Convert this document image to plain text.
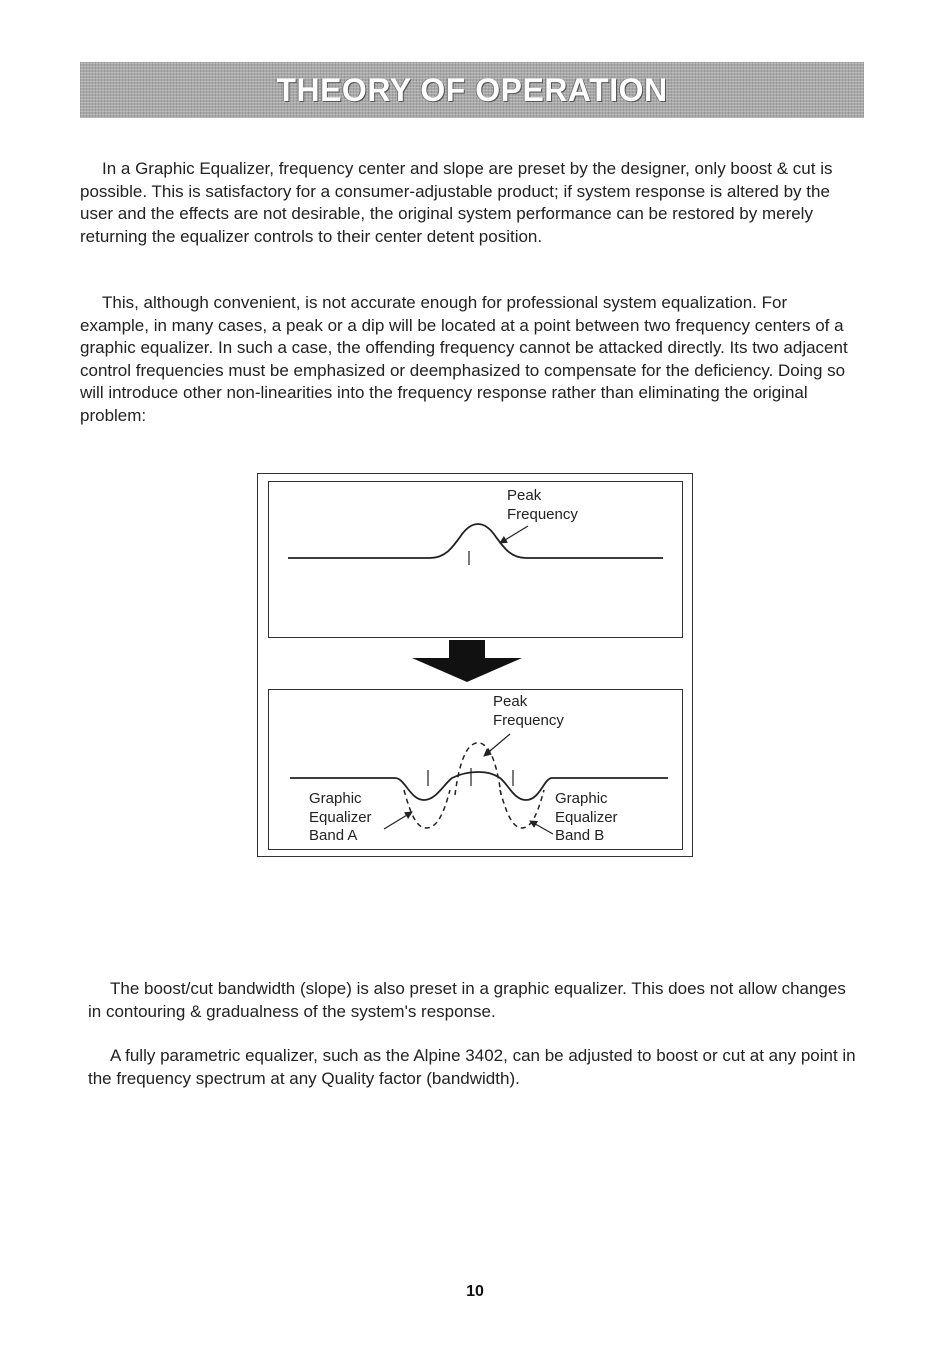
THEORY OF OPERATION

In a Graphic Equalizer, frequency center and slope are preset by the designer, only boost & cut is possible. This is satisfactory for a consumer-adjustable product; if system response is altered by the user and the effects are not desirable, the original system performance can be restored by merely returning the equalizer controls to their center detent position.

This, although convenient, is not accurate enough for professional system equalization. For example, in many cases, a peak or a dip will be located at a point between two frequency centers of a graphic equalizer. In such a case, the offending frequency cannot be attacked directly. Its two adjacent control frequencies must be emphasized or deemphasized to compensate for the deficiency. Doing so will introduce other non-linearities into the frequency response rather than eliminating the original problem:

Peak
Frequency
Peak
Frequency
Graphic
Equalizer
Band A
Graphic
Equalizer
Band B

The boost/cut bandwidth (slope) is also preset in a graphic equalizer. This does not allow changes in contouring & gradualness of the system's response.

A fully parametric equalizer, such as the Alpine 3402, can be adjusted to boost or cut at any point in the frequency spectrum at any Quality factor (bandwidth).

10
